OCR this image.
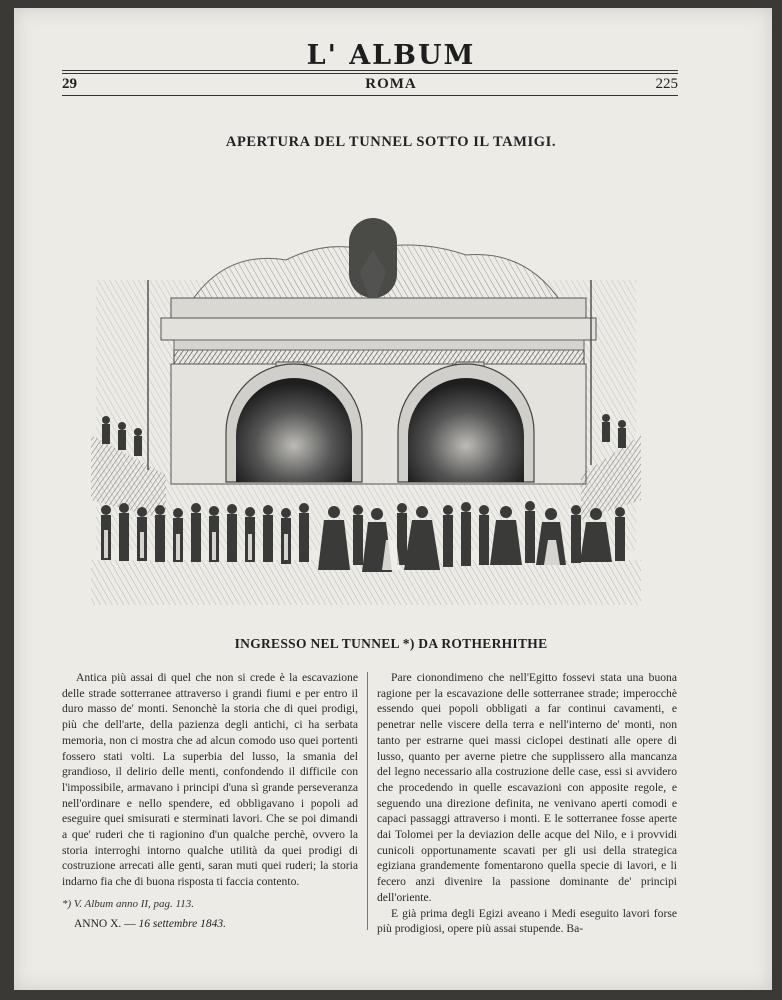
L' ALBUM
29	ROMA	225
APERTURA DEL TUNNEL SOTTO IL TAMIGI.
INGRESSO NEL TUNNEL *) DA ROTHERHITHE

Antica più assai di quel che non si crede è la escavazione delle strade sotterranee attraverso i grandi fiumi e per entro il duro masso de' monti. Senonchè la storia che di quei prodigi, più che dell'arte, della pazienza degli antichi, ci ha serbata memoria, non ci mostra che ad alcun comodo uso quei portenti fossero stati volti. La superbia del lusso, la smania del grandioso, il delirio delle menti, confondendo il difficile con l'impossibile, armavano i principi d'una sì grande perseveranza nell'ordinare e nello spendere, ed obbligavano i popoli ad eseguire quei smisurati e sterminati lavori. Che se poi dimandi a que' ruderi che ti ragionino d'un qualche perchè, ovvero la storia interroghi intorno qualche utilità da quei prodigi di costruzione arrecati alle genti, saran muti quei ruderi; la storia indarno fia che di buona risposta ti faccia contento.

Pare cionondimeno che nell'Egitto fossevi stata una buona ragione per la escavazione delle sotterranee strade; imperocchè essendo quei popoli obbligati a far continui cavamenti, e penetrar nelle viscere della terra e nell'interno de' monti, non tanto per estrarne quei massi ciclopei destinati alle opere di lusso, quanto per averne pietre che supplissero alla mancanza del legno necessario alla costruzione delle case, essi si avvidero che procedendo in quelle escavazioni con apposite regole, e seguendo una direzione definita, ne venivano aperti comodi e capaci passaggi attraverso i monti. E le sotterranee fosse aperte dai Tolomei per la deviazion delle acque del Nilo, e i provvidi cunicoli opportunamente scavati per gli usi della strategica egiziana grandemente fomentarono quella specie di lavori, e li fecero anzi divenire la passione dominante de' principi dell'oriente.

E già prima degli Egizi aveano i Medi eseguito lavori forse più prodigiosi, opere più assai stupende. Ba-

*) V. Album anno II, pag. 113.
ANNO X. — 16 settembre 1843.
